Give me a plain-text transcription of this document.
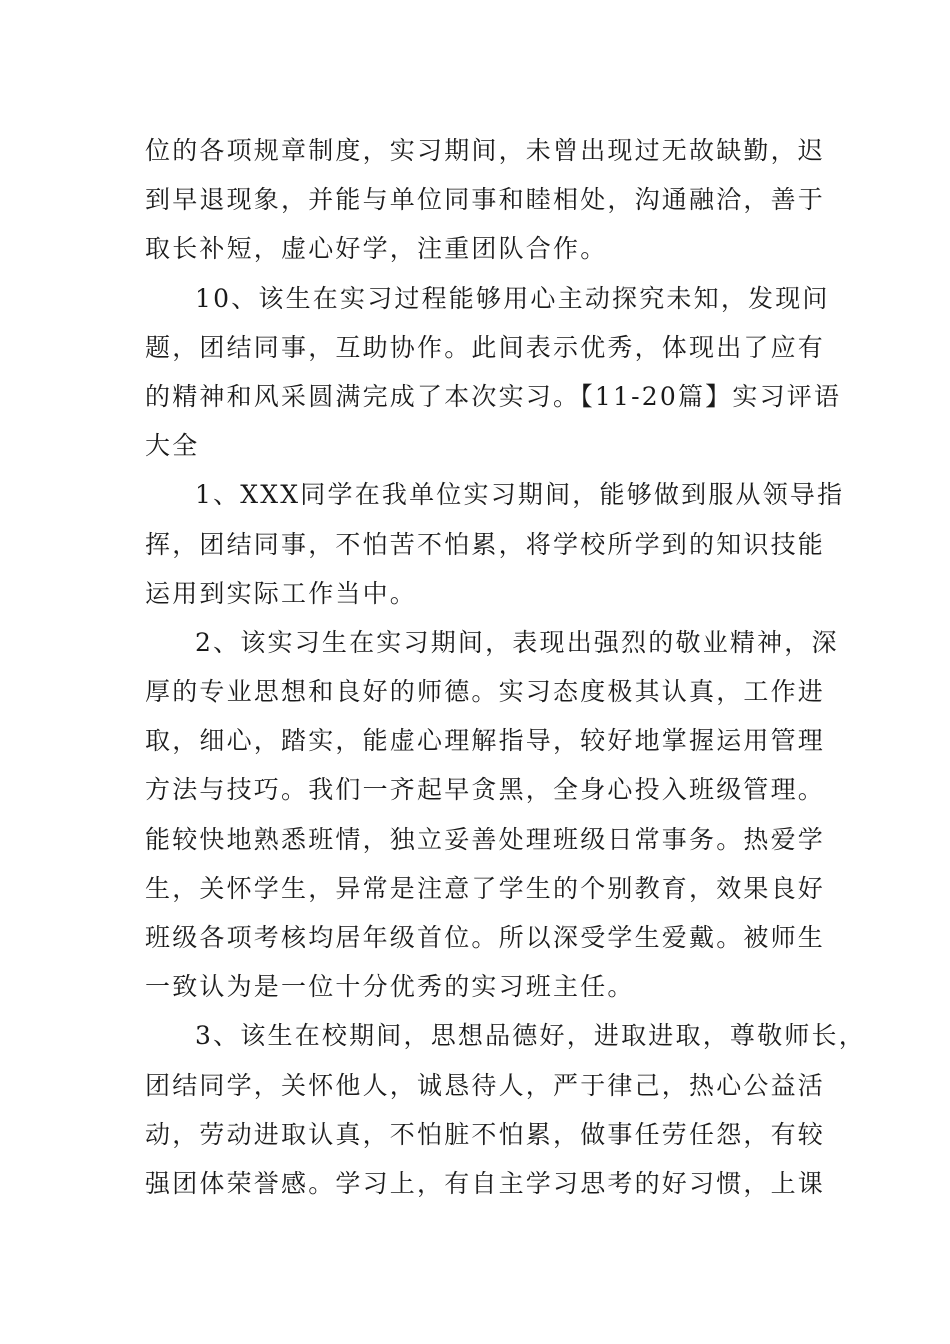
位的各项规章制度，实习期间，未曾出现过无故缺勤，迟
到早退现象，并能与单位同事和睦相处，沟通融洽，善于
取长补短，虚心好学，注重团队合作。
10、该生在实习过程能够用心主动探究未知，发现问
题，团结同事，互助协作。此间表示优秀，体现出了应有
的精神和风采圆满完成了本次实习。【11-20篇】实习评语
大全
1、XXX同学在我单位实习期间，能够做到服从领导指
挥，团结同事，不怕苦不怕累，将学校所学到的知识技能
运用到实际工作当中。
2、该实习生在实习期间，表现出强烈的敬业精神，深
厚的专业思想和良好的师德。实习态度极其认真，工作进
取，细心，踏实，能虚心理解指导，较好地掌握运用管理
方法与技巧。我们一齐起早贪黑，全身心投入班级管理。
能较快地熟悉班情，独立妥善处理班级日常事务。热爱学
生，关怀学生，异常是注意了学生的个别教育，效果良好
班级各项考核均居年级首位。所以深受学生爱戴。被师生
一致认为是一位十分优秀的实习班主任。
3、该生在校期间，思想品德好，进取进取，尊敬师长，
团结同学，关怀他人，诚恳待人，严于律己，热心公益活
动，劳动进取认真，不怕脏不怕累，做事任劳任怨，有较
强团体荣誉感。学习上，有自主学习思考的好习惯，上课
